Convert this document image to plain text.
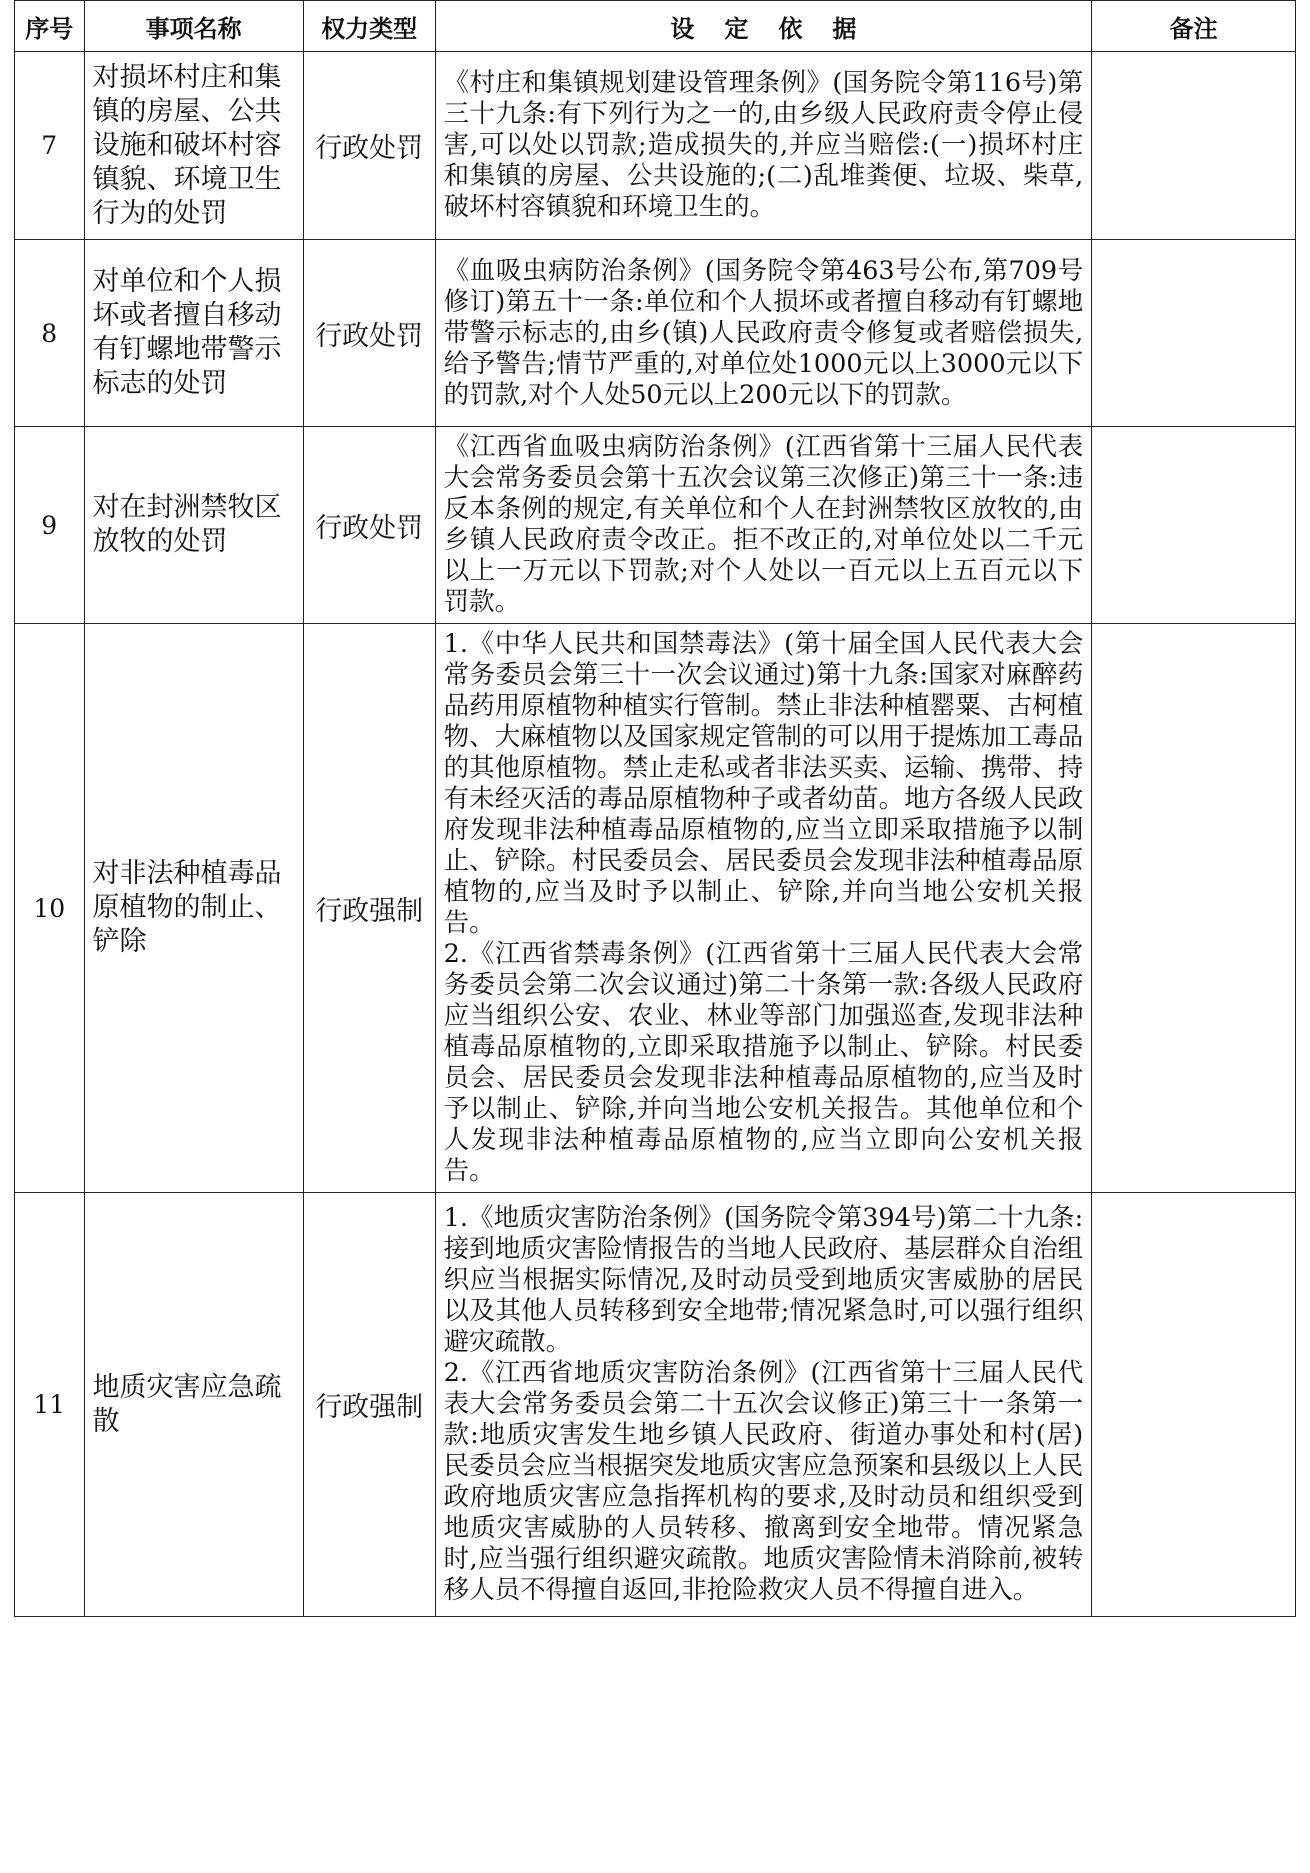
序号	事项名称	权力类型	设定依据	备注
7	对损坏村庄和集镇的房屋、公共设施和破坏村容镇貌、环境卫生行为的处罚	行政处罚	《村庄和集镇规划建设管理条例》(国务院令第116号)第三十九条:有下列行为之一的,由乡级人民政府责令停止侵害,可以处以罚款;造成损失的,并应当赔偿:(一)损坏村庄和集镇的房屋、公共设施的;(二)乱堆粪便、垃圾、柴草,破坏村容镇貌和环境卫生的。	

8	对单位和个人损坏或者擅自移动有钉螺地带警示标志的处罚	行政处罚	《血吸虫病防治条例》(国务院令第463号公布,第709号修订)第五十一条:单位和个人损坏或者擅自移动有钉螺地带警示标志的,由乡(镇)人民政府责令修复或者赔偿损失,给予警告;情节严重的,对单位处1000元以上3000元以下的罚款,对个人处50元以上200元以下的罚款。	

9	对在封洲禁牧区放牧的处罚	行政处罚	《江西省血吸虫病防治条例》(江西省第十三届人民代表大会常务委员会第十五次会议第三次修正)第三十一条:违反本条例的规定,有关单位和个人在封洲禁牧区放牧的,由乡镇人民政府责令改正。拒不改正的,对单位处以二千元以上一万元以下罚款;对个人处以一百元以上五百元以下罚款。	

10	对非法种植毒品原植物的制止、铲除	行政强制	1.《中华人民共和国禁毒法》(第十届全国人民代表大会常务委员会第三十一次会议通过)第十九条:国家对麻醉药品药用原植物种植实行管制。禁止非法种植罂粟、古柯植物、大麻植物以及国家规定管制的可以用于提炼加工毒品的其他原植物。禁止走私或者非法买卖、运输、携带、持有未经灭活的毒品原植物种子或者幼苗。地方各级人民政府发现非法种植毒品原植物的,应当立即采取措施予以制止、铲除。村民委员会、居民委员会发现非法种植毒品原植物的,应当及时予以制止、铲除,并向当地公安机关报告。
2.《江西省禁毒条例》(江西省第十三届人民代表大会常务委员会第二次会议通过)第二十条第一款:各级人民政府应当组织公安、农业、林业等部门加强巡查,发现非法种植毒品原植物的,立即采取措施予以制止、铲除。村民委员会、居民委员会发现非法种植毒品原植物的,应当及时予以制止、铲除,并向当地公安机关报告。其他单位和个人发现非法种植毒品原植物的,应当立即向公安机关报告。	

11	地质灾害应急疏散	行政强制	1.《地质灾害防治条例》(国务院令第394号)第二十九条:接到地质灾害险情报告的当地人民政府、基层群众自治组织应当根据实际情况,及时动员受到地质灾害威胁的居民以及其他人员转移到安全地带;情况紧急时,可以强行组织避灾疏散。
2.《江西省地质灾害防治条例》(江西省第十三届人民代表大会常务委员会第二十五次会议修正)第三十一条第一款:地质灾害发生地乡镇人民政府、街道办事处和村(居)民委员会应当根据突发地质灾害应急预案和县级以上人民政府地质灾害应急指挥机构的要求,及时动员和组织受到地质灾害威胁的人员转移、撤离到安全地带。情况紧急时,应当强行组织避灾疏散。地质灾害险情未消除前,被转移人员不得擅自返回,非抢险救灾人员不得擅自进入。	
